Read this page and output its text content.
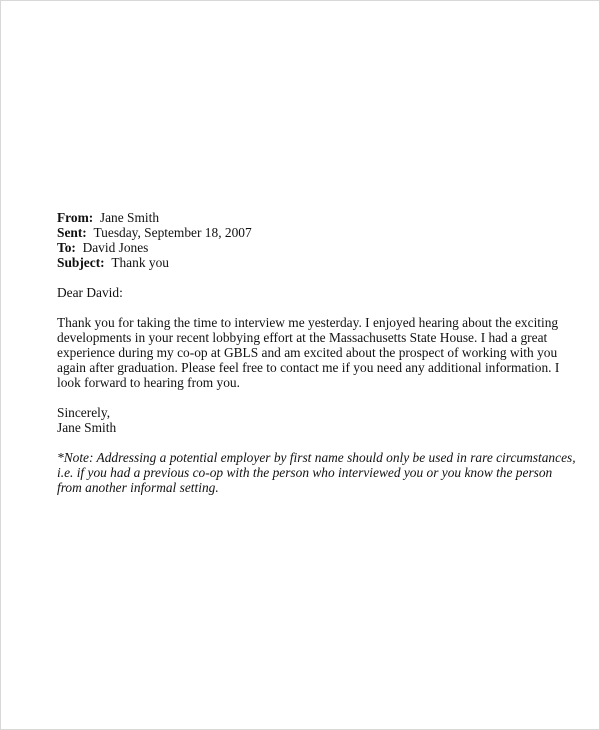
From: Jane Smith
Sent: Tuesday, September 18, 2007
To: David Jones
Subject: Thank you
Dear David:
Thank you for taking the time to interview me yesterday. I enjoyed hearing about the exciting
developments in your recent lobbying effort at the Massachusetts State House. I had a great
experience during my co-op at GBLS and am excited about the prospect of working with you
again after graduation. Please feel free to contact me if you need any additional information. I
look forward to hearing from you.
Sincerely,
Jane Smith
*Note: Addressing a potential employer by first name should only be used in rare circumstances,
i.e. if you had a previous co-op with the person who interviewed you or you know the person
from another informal setting.
